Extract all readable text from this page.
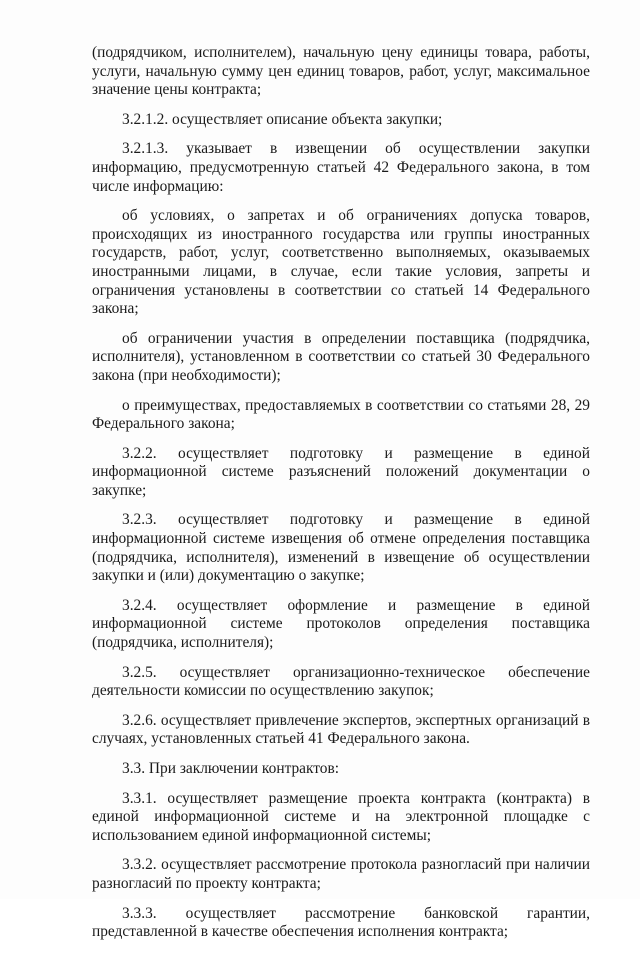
(подрядчиком, исполнителем), начальную цену единицы товара, работы, услуги, начальную сумму цен единиц товаров, работ, услуг, максимальное значение цены контракта;

3.2.1.2. осуществляет описание объекта закупки;

3.2.1.3. указывает в извещении об осуществлении закупки информацию, предусмотренную статьей 42 Федерального закона, в том числе информацию:

об условиях, о запретах и об ограничениях допуска товаров, происходящих из иностранного государства или группы иностранных государств, работ, услуг, соответственно выполняемых, оказываемых иностранными лицами, в случае, если такие условия, запреты и ограничения установлены в соответствии со статьей 14 Федерального закона;

об ограничении участия в определении поставщика (подрядчика, исполнителя), установленном в соответствии со статьей 30 Федерального закона (при необходимости);

о преимуществах, предоставляемых в соответствии со статьями 28, 29 Федерального закона;

3.2.2. осуществляет подготовку и размещение в единой информационной системе разъяснений положений документации о закупке;

3.2.3. осуществляет подготовку и размещение в единой информационной системе извещения об отмене определения поставщика (подрядчика, исполнителя), изменений в извещение об осуществлении закупки и (или) документацию о закупке;

3.2.4. осуществляет оформление и размещение в единой информационной системе протоколов определения поставщика (подрядчика, исполнителя);

3.2.5. осуществляет организационно-техническое обеспечение деятельности комиссии по осуществлению закупок;

3.2.6. осуществляет привлечение экспертов, экспертных организаций в случаях, установленных статьей 41 Федерального закона.

3.3. При заключении контрактов:

3.3.1. осуществляет размещение проекта контракта (контракта) в единой информационной системе и на электронной площадке с использованием единой информационной системы;

3.3.2. осуществляет рассмотрение протокола разногласий при наличии разногласий по проекту контракта;

3.3.3. осуществляет рассмотрение банковской гарантии, представленной в качестве обеспечения исполнения контракта;
